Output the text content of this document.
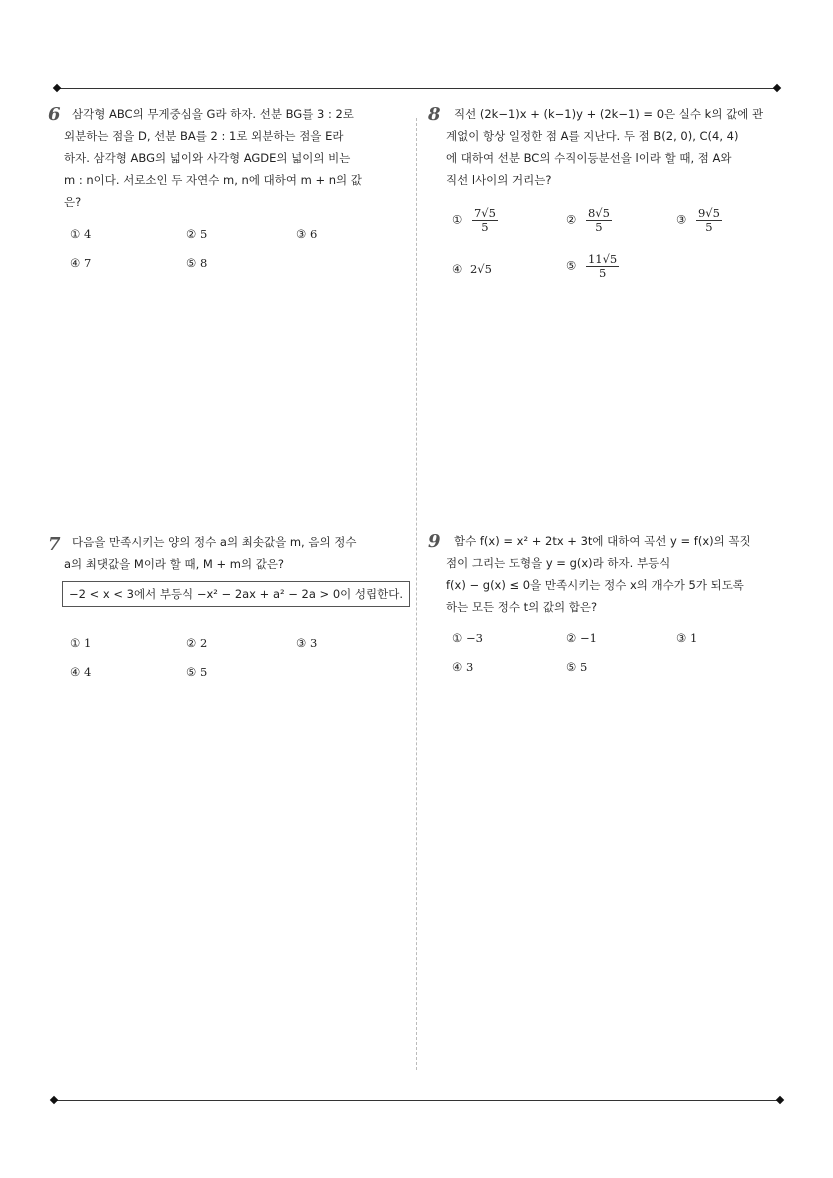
6 삼각형 ABC의 무게중심을 G라 하자. 선분 BG를 3 : 2로
외분하는 점을 D, 선분 BA를 2 : 1로 외분하는 점을 E라
하자. 삼각형 ABG의 넓이와 사각형 AGDE의 넓이의 비는
m : n이다. 서로소인 두 자연수 m, n에 대하여 m + n의 값
은?
① 4	② 5	③ 6
④ 7	⑤ 8
8 직선 (2k−1)x + (k−1)y + (2k−1) = 0은 실수 k의 값에 관
계없이 항상 일정한 점 A를 지난다. 두 점 B(2, 0), C(4, 4)
에 대하여 선분 BC의 수직이등분선을 l이라 할 때, 점 A와
직선 l사이의 거리는?
① $\frac{7√5}{5}$	② $\frac{8√5}{5}$	③ $\frac{9√5}{5}$
④ 2√5	⑤ $\frac{11√5}{5}$
7 다음을 만족시키는 양의 정수 a의 최솟값을 m, 음의 정수
a의 최댓값을 M이라 할 때, M + m의 값은?
−2 < x < 3에서 부등식 −x² − 2ax + a² − 2a > 0이 성립한다.
① 1	② 2	③ 3
④ 4	⑤ 5
9 함수 f(x) = x² + 2tx + 3t에 대하여 곡선 y = f(x)의 꼭짓
점이 그리는 도형을 y = g(x)라 하자. 부등식
f(x) − g(x) ≤ 0을 만족시키는 정수 x의 개수가 5가 되도록
하는 모든 정수 t의 값의 합은?
① −3	② −1	③ 1
④ 3	⑤ 5
